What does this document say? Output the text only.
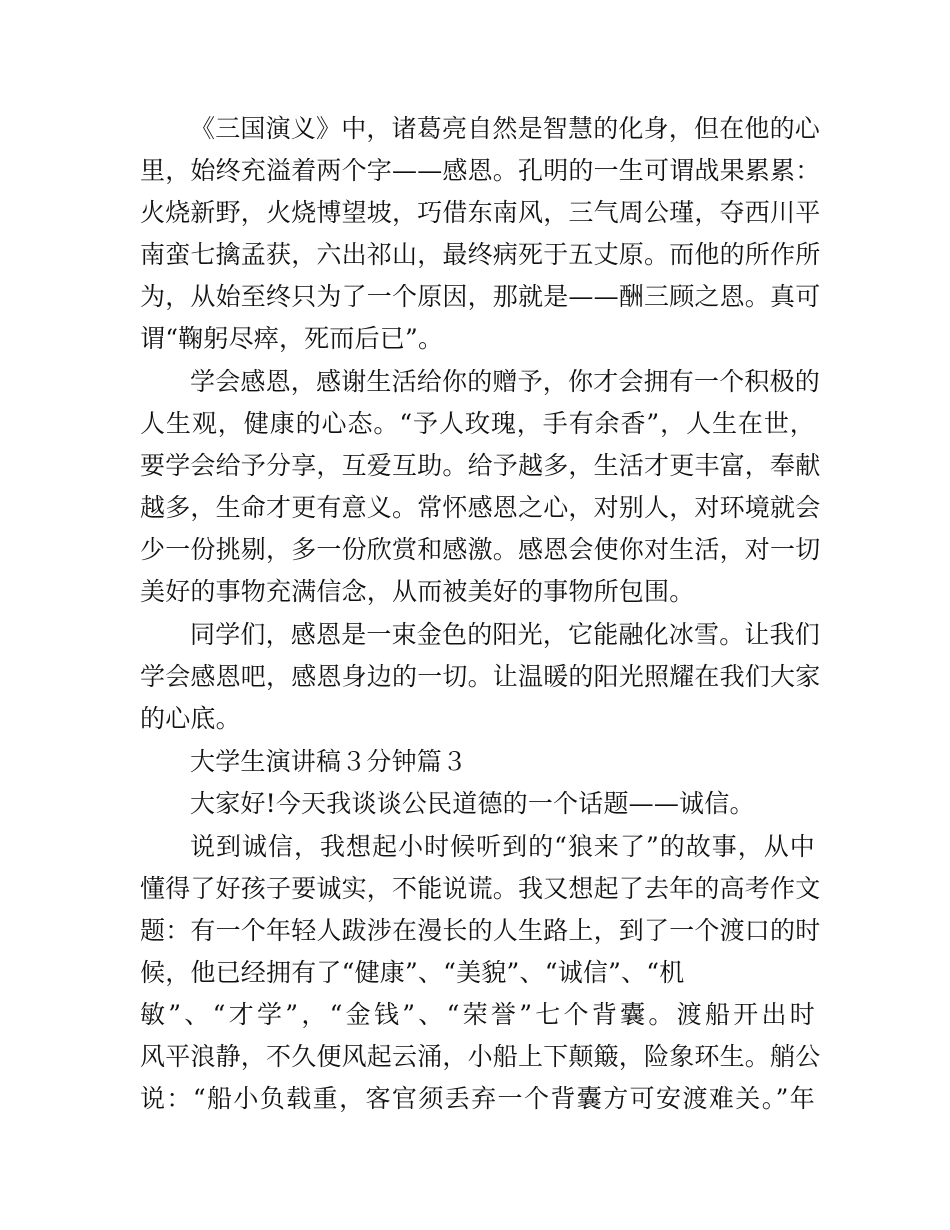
《三国演义》中，诸葛亮自然是智慧的化身，但在他的心
里，始终充溢着两个字——感恩。孔明的一生可谓战果累累：
火烧新野，火烧博望坡，巧借东南风，三气周公瑾，夺西川平
南蛮七擒孟获，六出祁山，最终病死于五丈原。而他的所作所
为，从始至终只为了一个原因，那就是——酬三顾之恩。真可
谓“鞠躬尽瘁，死而后已”。
学会感恩，感谢生活给你的赠予，你才会拥有一个积极的
人生观，健康的心态。“予人玫瑰，手有余香”，人生在世，
要学会给予分享，互爱互助。给予越多，生活才更丰富，奉献
越多，生命才更有意义。常怀感恩之心，对别人，对环境就会
少一份挑剔，多一份欣赏和感激。感恩会使你对生活，对一切
美好的事物充满信念，从而被美好的事物所包围。
同学们，感恩是一束金色的阳光，它能融化冰雪。让我们
学会感恩吧，感恩身边的一切。让温暖的阳光照耀在我们大家
的心底。
大学生演讲稿３分钟篇３
大家好!今天我谈谈公民道德的一个话题——诚信。
说到诚信，我想起小时候听到的“狼来了”的故事，从中
懂得了好孩子要诚实，不能说谎。我又想起了去年的高考作文
题：有一个年轻人跋涉在漫长的人生路上，到了一个渡口的时
候，他已经拥有了“健康”、“美貌”、“诚信”、“机
敏”、“才学”，“金钱”、“荣誉”七个背囊。渡船开出时
风平浪静，不久便风起云涌，小船上下颠簸，险象环生。艄公
说：“船小负载重，客官须丢弃一个背囊方可安渡难关。”年
